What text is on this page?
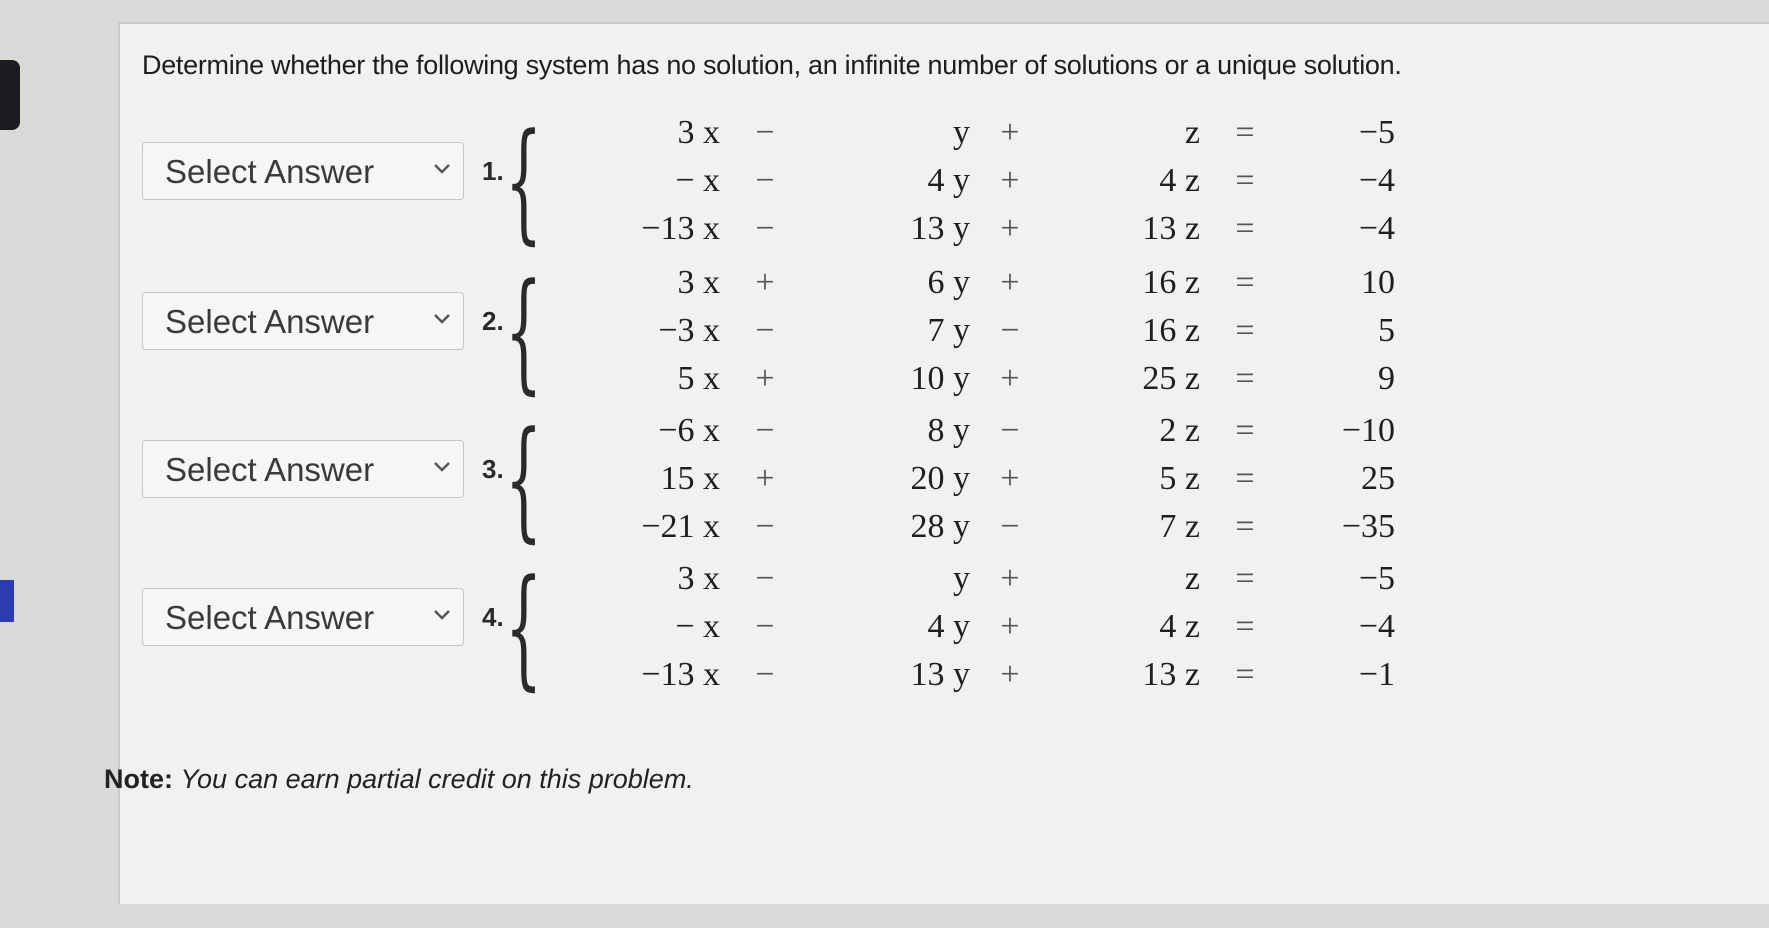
Determine whether the following system has no solution, an infinite number of solutions or a unique solution.
Select Answer	1. {	3 x −	y +	z	=	−5
− x −	4 y +	4 z	=	−4
−13 x −	13 y +	13 z	=	−4
Select Answer	2. {	3 x +	6 y +	16 z	=	10
−3 x −	7 y −	16 z	=	5
5 x +	10 y +	25 z	=	9
Select Answer	3. {	−6 x −	8 y −	2 z	=	−10
15 x +	20 y +	5 z	=	25
−21 x −	28 y −	7 z	=	−35
Select Answer	4. {	3 x −	y +	z	=	−5
− x −	4 y +	4 z	=	−4
−13 x −	13 y +	13 z	=	−1
Note: You can earn partial credit on this problem.
